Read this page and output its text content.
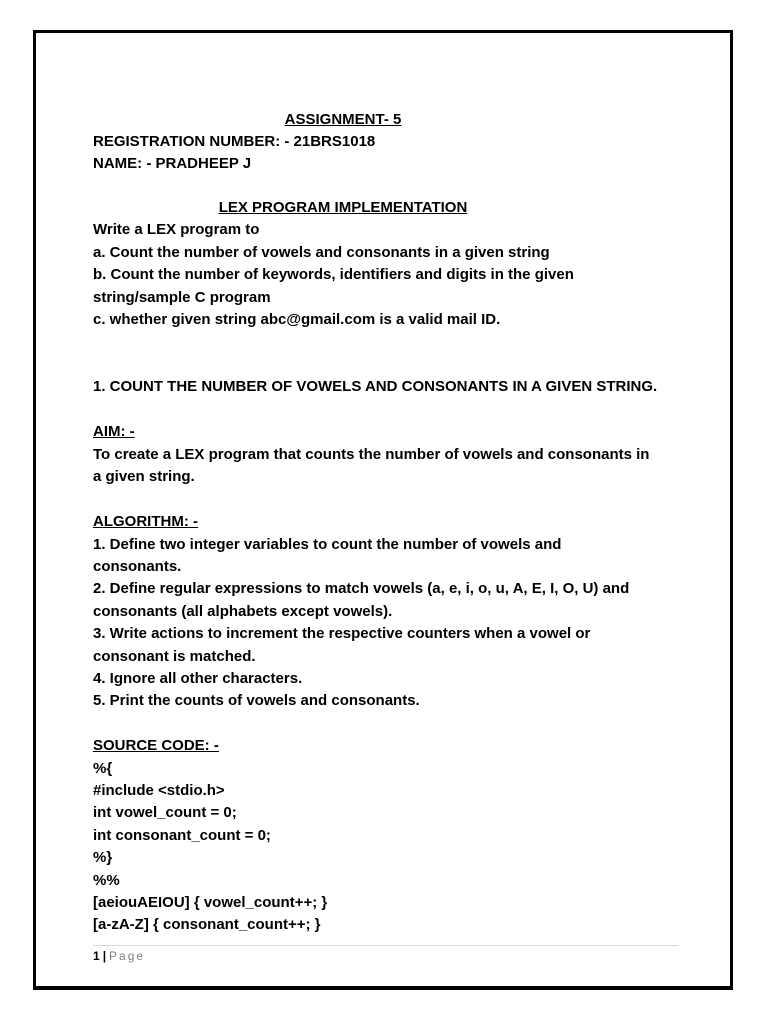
ASSIGNMENT- 5
REGISTRATION NUMBER: - 21BRS1018
NAME: - PRADHEEP J
LEX PROGRAM IMPLEMENTATION
Write a LEX program to
a. Count the number of vowels and consonants in a given string
b. Count the number of keywords, identifiers and digits in the given
string/sample C program
c. whether given string abc@gmail.com is a valid mail ID.
1. COUNT THE NUMBER OF VOWELS AND CONSONANTS IN A GIVEN STRING.
AIM: -
To create a LEX program that counts the number of vowels and consonants in
a given string.
ALGORITHM: -
1. Define two integer variables to count the number of vowels and
consonants.
2. Define regular expressions to match vowels (a, e, i, o, u, A, E, I, O, U) and
consonants (all alphabets except vowels).
3. Write actions to increment the respective counters when a vowel or
consonant is matched.
4. Ignore all other characters.
5. Print the counts of vowels and consonants.
SOURCE CODE: -
%{
#include <stdio.h>
int vowel_count = 0;
int consonant_count = 0;
%}
%%
[aeiouAEIOU] { vowel_count++; }
[a-zA-Z] { consonant_count++; }
1 | Page
